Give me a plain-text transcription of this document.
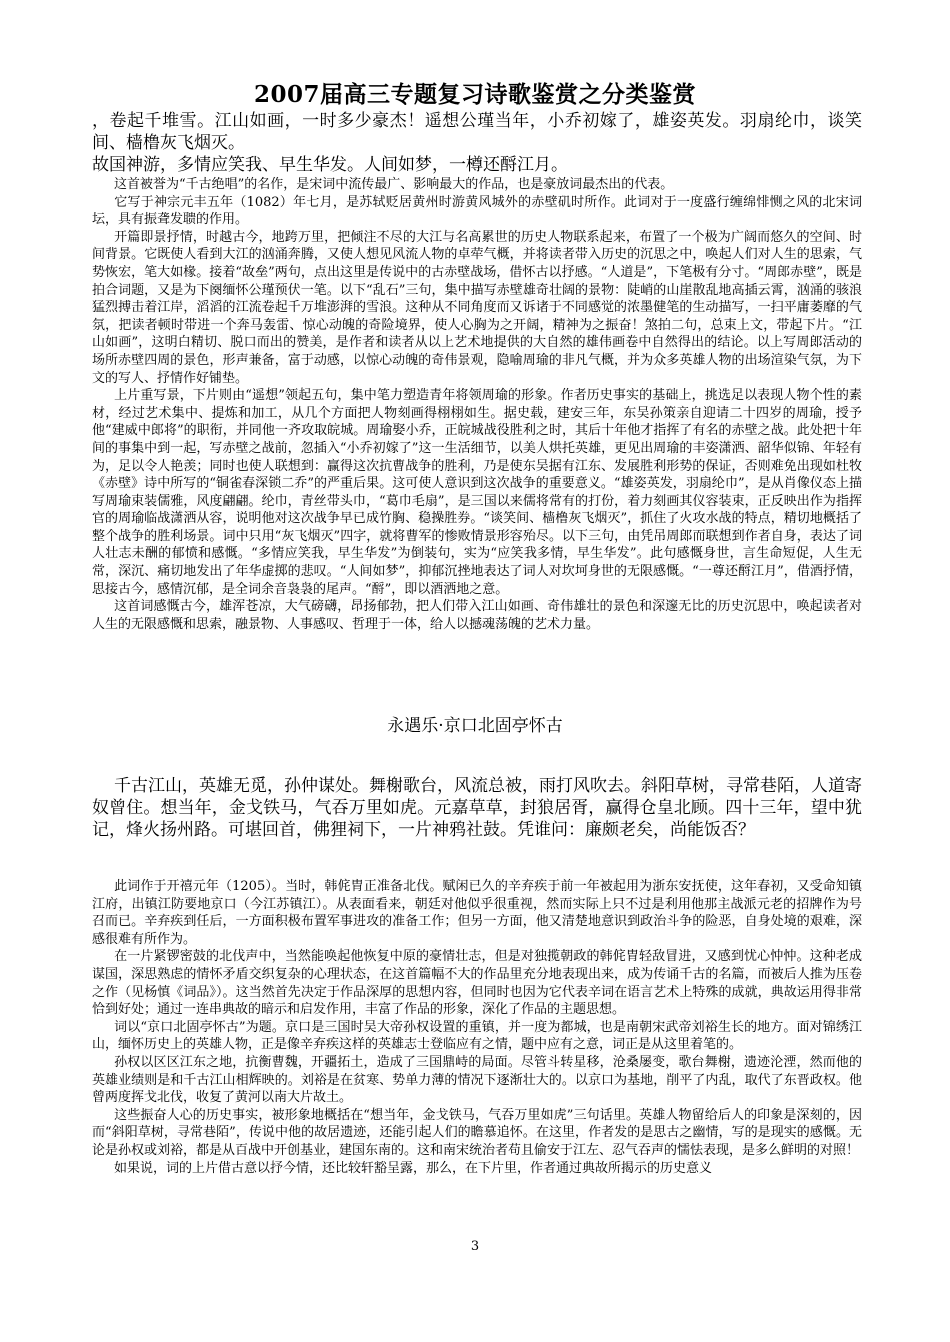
2007届高三专题复习诗歌鉴赏之分类鉴赏
，卷起千堆雪。江山如画，一时多少豪杰！遥想公瑾当年，小乔初嫁了，雄姿英发。羽扇纶巾，谈笑间、樯橹灰飞烟灭。
故国神游，多情应笑我、早生华发。人间如梦，一樽还酹江月。
这首被誉为“千古绝唱”的名作，是宋词中流传最广、影响最大的作品，也是豪放词最杰出的代表。
它写于神宗元丰五年（1082）年七月，是苏轼贬居黄州时游黄风城外的赤壁矶时所作。此词对于一度盛行缠绵悱恻之风的北宋词坛，具有振聋发聩的作用。
开篇即景抒情，时越古今，地跨万里，把倾注不尽的大江与名高累世的历史人物联系起来，布置了一个极为广阔而悠久的空间、时间背景。它既使人看到大江的汹涌奔腾，又使人想见风流人物的卓荦气概，并将读者带入历史的沉思之中，唤起人们对人生的思索，气势恢宏，笔大如椽。接着“故垒”两句，点出这里是传说中的古赤壁战场，借怀古以抒感。“人道是”，下笔极有分寸。“周郎赤壁”，既是拍合词题，又是为下阕缅怀公瑾预伏一笔。以下“乱石”三句，集中描写赤壁雄奇壮阔的景物：陡峭的山崖散乱地高插云霄，汹涌的骇浪猛烈搏击着江岸，滔滔的江流卷起千万堆澎湃的雪浪。这种从不同角度而又诉诸于不同感觉的浓墨健笔的生动描写，一扫平庸萎靡的气氛，把读者顿时带进一个奔马轰雷、惊心动魄的奇险境界，使人心胸为之开阔，精神为之振奋！煞拍二句，总束上文，带起下片。“江山如画”，这明白精切、脱口而出的赞美，是作者和读者从以上艺术地提供的大自然的雄伟画卷中自然得出的结论。以上写周郎活动的场所赤壁四周的景色，形声兼备，富于动感，以惊心动魄的奇伟景观，隐喻周瑜的非凡气概，并为众多英雄人物的出场渲染气氛，为下文的写人、抒情作好铺垫。
上片重写景，下片则由“遥想”领起五句，集中笔力塑造青年将领周瑜的形象。作者历史事实的基础上，挑选足以表现人物个性的素材，经过艺术集中、提炼和加工，从几个方面把人物刻画得栩栩如生。据史载，建安三年，东吴孙策亲自迎请二十四岁的周瑜，授予他“建威中郎将”的职衔，并同他一齐攻取皖城。周瑜娶小乔，正皖城战役胜利之时，其后十年他才指挥了有名的赤壁之战。此处把十年间的事集中到一起，写赤壁之战前，忽插入“小乔初嫁了”这一生活细节，以美人烘托英雄，更见出周瑜的丰姿潇洒、韶华似锦、年轻有为，足以令人艳羡；同时也使人联想到：赢得这次抗曹战争的胜利，乃是使东吴据有江东、发展胜利形势的保证，否则难免出现如杜牧《赤壁》诗中所写的“铜雀春深锁二乔”的严重后果。这可使人意识到这次战争的重要意义。“雄姿英发，羽扇纶巾”，是从肖像仪态上描写周瑜束装儒雅，风度翩翩。纶巾，青丝带头巾，“葛巾毛扇”，是三国以来儒将常有的打份，着力刻画其仪容装束，正反映出作为指挥官的周瑜临战潇洒从容，说明他对这次战争早已成竹胸、稳操胜券。“谈笑间、樯橹灰飞烟灭”，抓住了火攻水战的特点，精切地概括了整个战争的胜利场景。词中只用“灰飞烟灭”四字，就将曹军的惨败情景形容殆尽。以下三句，由凭吊周郎而联想到作者自身，表达了词人壮志未酬的郁愤和感慨。“多情应笑我，早生华发”为倒装句，实为“应笑我多情，早生华发”。此句感慨身世，言生命短促，人生无常，深沉、痛切地发出了年华虚掷的悲叹。“人间如梦”，抑郁沉挫地表达了词人对坎坷身世的无限感慨。“一尊还酹江月”，借酒抒情，思接古今，感情沉郁，是全词余音袅袅的尾声。“酹”，即以酒洒地之意。
这首词感慨古今，雄浑苍凉，大气磅礴，昂扬郁勃，把人们带入江山如画、奇伟雄壮的景色和深邃无比的历史沉思中，唤起读者对人生的无限感慨和思索，融景物、人事感叹、哲理于一体，给人以撼魂荡魄的艺术力量。
永遇乐·京口北固亭怀古
千古江山，英雄无觅，孙仲谋处。舞榭歌台，风流总被，雨打风吹去。斜阳草树，寻常巷陌，人道寄奴曾住。想当年，金戈铁马，气吞万里如虎。元嘉草草，封狼居胥，赢得仓皇北顾。四十三年，望中犹记，烽火扬州路。可堪回首，佛狸祠下，一片神鸦社鼓。凭谁问：廉颇老矣，尚能饭否？
此词作于开禧元年（1205）。当时，韩侂胄正准备北伐。赋闲已久的辛弃疾于前一年被起用为浙东安抚使，这年春初，又受命知镇江府，出镇江防要地京口（今江苏镇江）。从表面看来，朝廷对他似乎很重视，然而实际上只不过是利用他那主战派元老的招牌作为号召而已。辛弃疾到任后，一方面积极布置军事进攻的准备工作；但另一方面，他又清楚地意识到政治斗争的险恶，自身处境的艰难，深感很难有所作为。
在一片紧锣密鼓的北伐声中，当然能唤起他恢复中原的豪情壮志，但是对独揽朝政的韩侂胄轻敌冒进，又感到忧心忡忡。这种老成谋国，深思熟虑的情怀矛盾交织复杂的心理状态，在这首篇幅不大的作品里充分地表现出来，成为传诵千古的名篇，而被后人推为压卷之作（见杨慎《词品》）。这当然首先决定于作品深厚的思想内容，但同时也因为它代表辛词在语言艺术上特殊的成就，典故运用得非常恰到好处；通过一连串典故的暗示和启发作用，丰富了作品的形象，深化了作品的主题思想。
词以“京口北固亭怀古”为题。京口是三国时吴大帝孙权设置的重镇，并一度为都城，也是南朝宋武帝刘裕生长的地方。面对锦绣江山，缅怀历史上的英雄人物，正是像辛弃疾这样的英雄志士登临应有之情，题中应有之意，词正是从这里着笔的。
孙权以区区江东之地，抗衡曹魏，开疆拓土，造成了三国鼎峙的局面。尽管斗转星移，沧桑屡变，歌台舞榭，遗迹沦湮，然而他的英雄业绩则是和千古江山相辉映的。刘裕是在贫寒、势单力薄的情况下逐渐壮大的。以京口为基地，削平了内乱，取代了东晋政权。他曾两度挥戈北伐，收复了黄河以南大片故土。
这些振奋人心的历史事实，被形象地概括在“想当年，金戈铁马，气吞万里如虎”三句话里。英雄人物留给后人的印象是深刻的，因而“斜阳草树，寻常巷陌”，传说中他的故居遗迹，还能引起人们的瞻慕追怀。在这里，作者发的是思古之幽情，写的是现实的感慨。无论是孙权或刘裕，都是从百战中开创基业，建国东南的。这和南宋统治者苟且偷安于江左、忍气吞声的懦怯表现，是多么鲜明的对照！
如果说，词的上片借古意以抒今情，还比较轩豁呈露，那么，在下片里，作者通过典故所揭示的历史意义
3
